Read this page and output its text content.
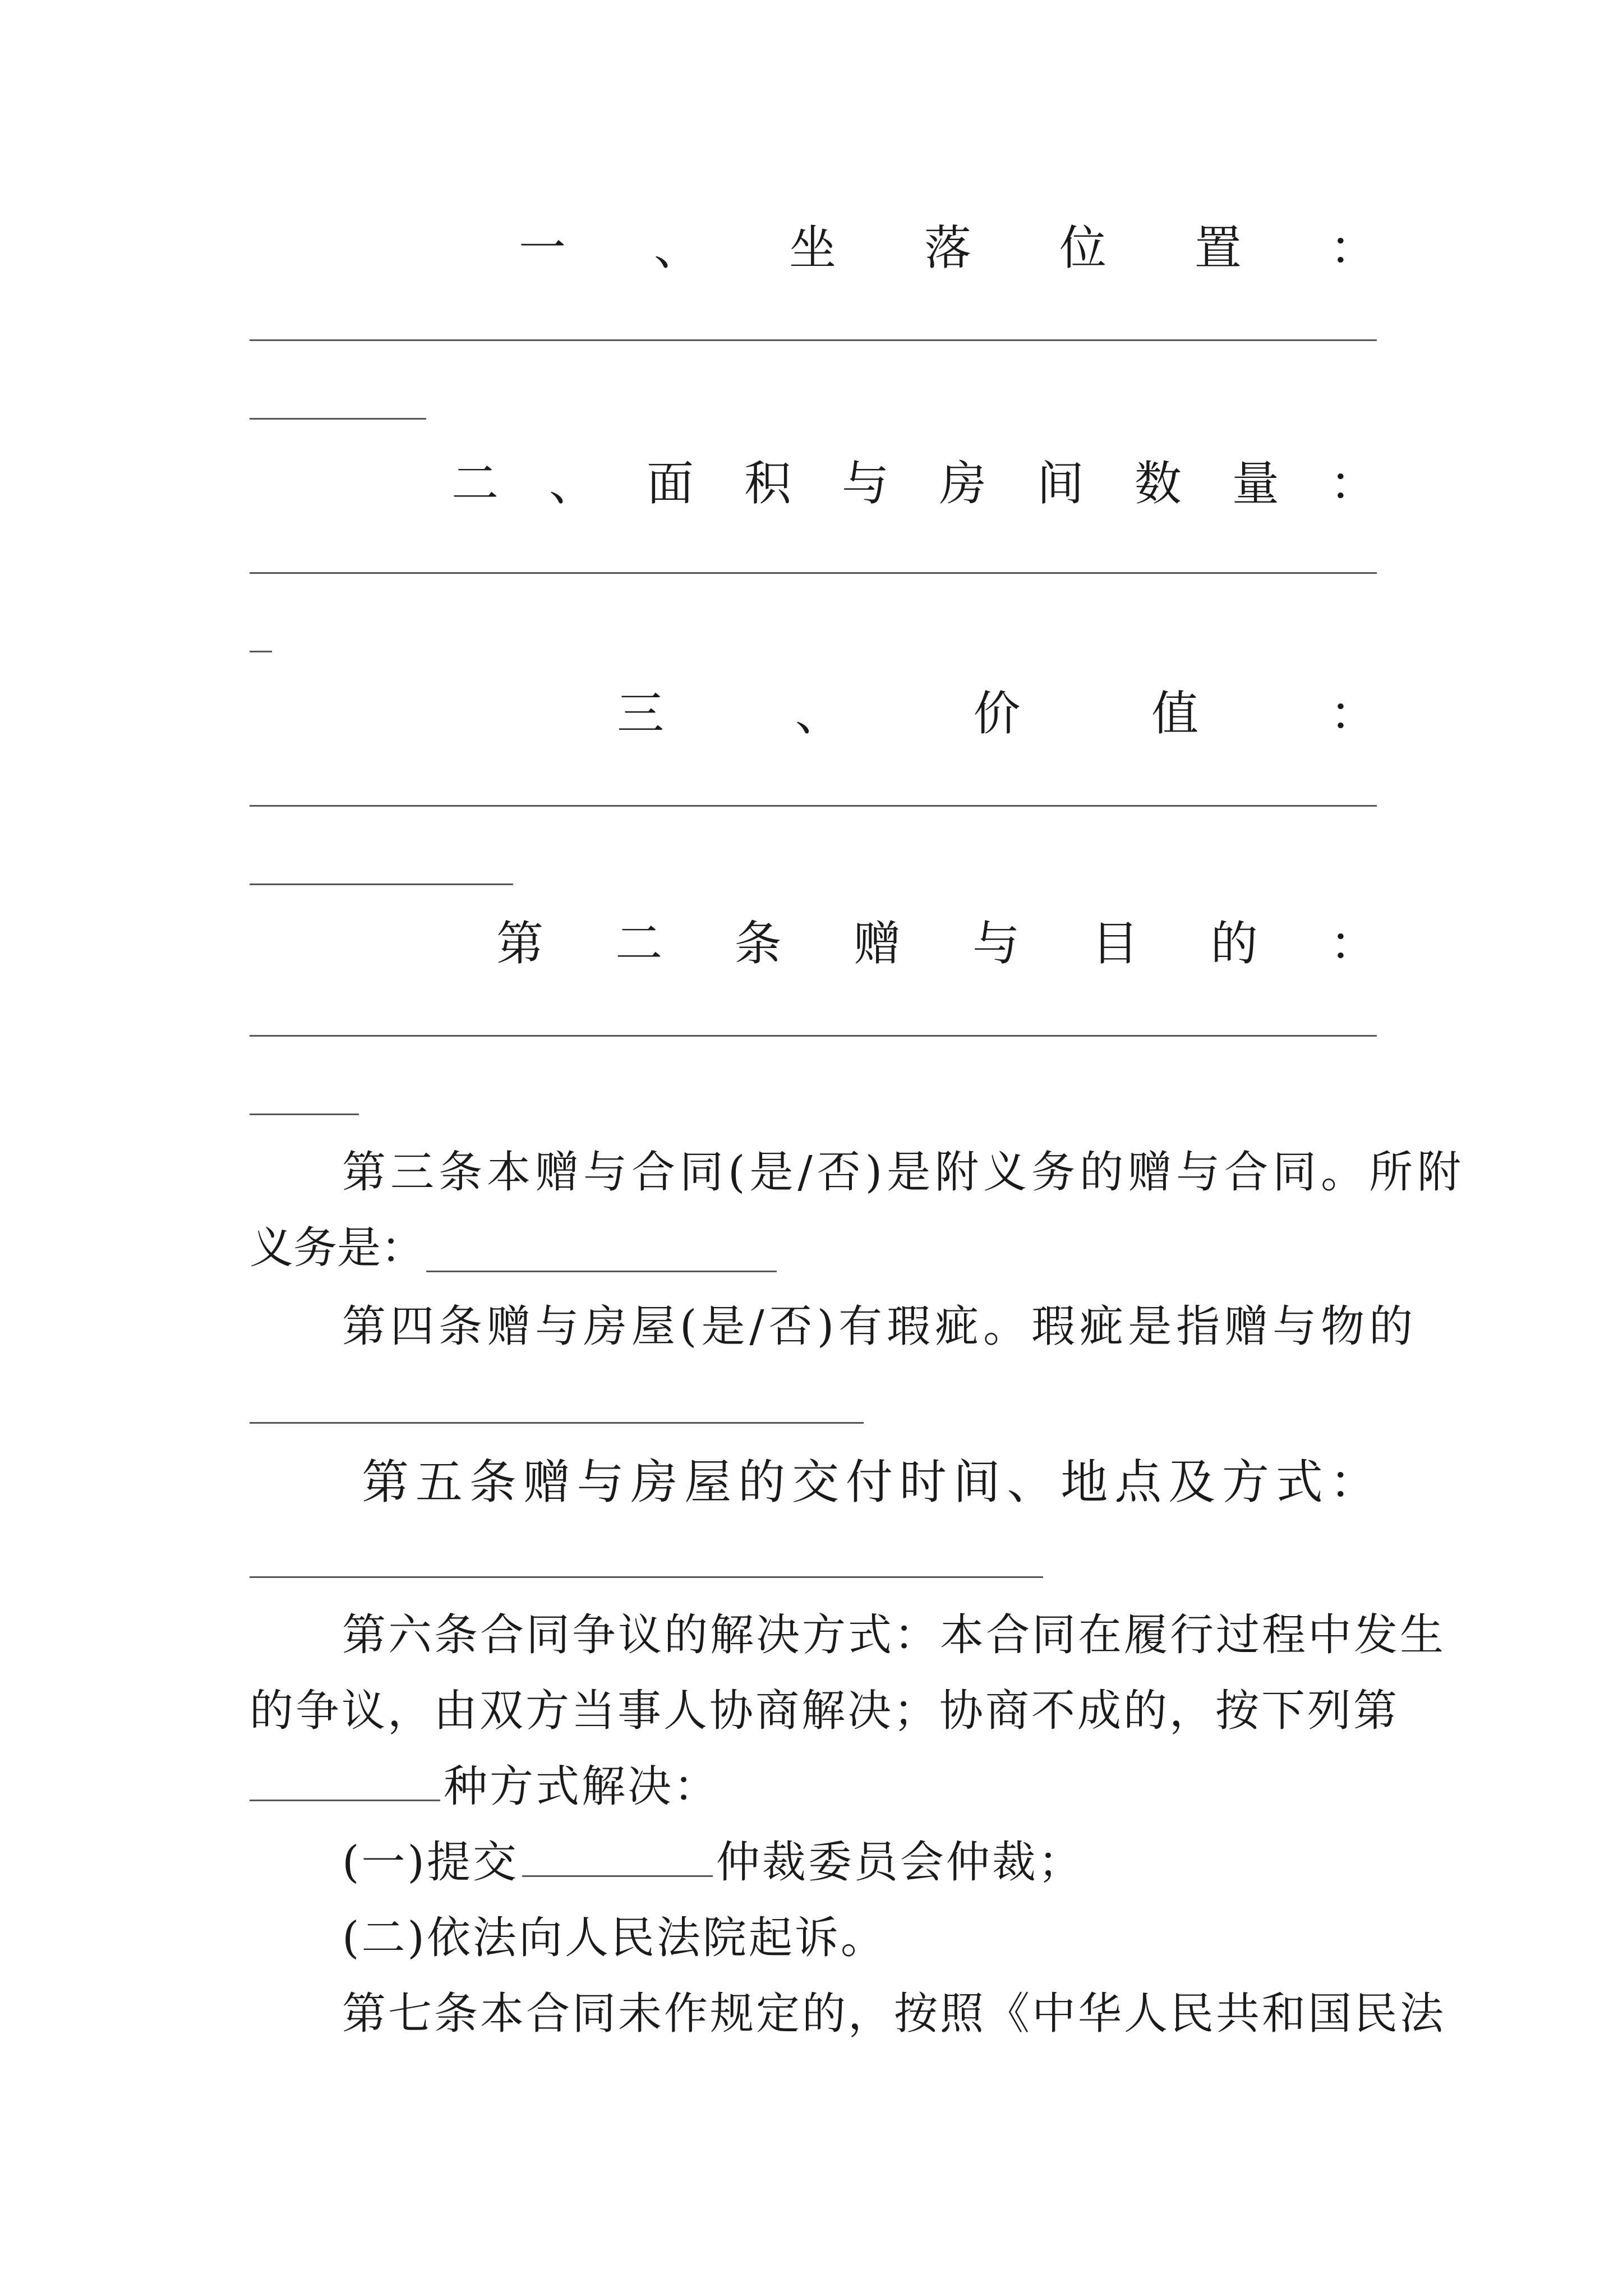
一 、 坐 落 位 置 ：
二 、 面 积 与 房 间 数 量 ：
三	、	价	值	：
第 二 条 赠 与 目 的 ：
第三条本赠与合同(是/否)是附义务的赠与合同。所附
义务是：
第四条赠与房屋(是/否)有瑕疵。瑕疵是指赠与物的
第 五 条 赠 与 房 屋 的 交 付 时 间 、 地 点 及 方 式 ：
第六条合同争议的解决方式：本合同在履行过程中发生
的争议，由双方当事人协商解决；协商不成的，按下列第
种方式解决：
(一)提交	仲裁委员会仲裁；
(二)依法向人民法院起诉。
第七条本合同未作规定的，按照《中华人民共和国民法
